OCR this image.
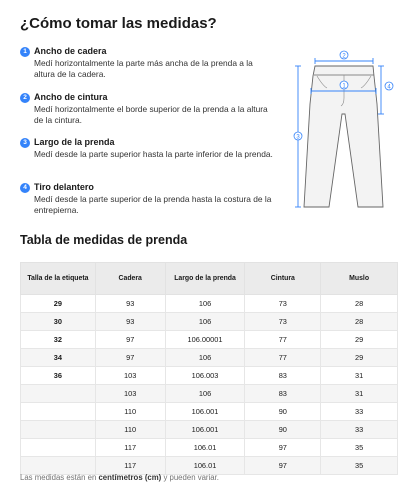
¿Cómo tomar las medidas?
1 Ancho de cadera
Medí horizontalmente la parte más ancha de la prenda a la altura de la cadera.
2 Ancho de cintura
Medí horizontalmente el borde superior de la prenda a la altura de la cintura.
3 Largo de la prenda
Medí desde la parte superior hasta la parte inferior de la prenda.
4 Tiro delantero
Medí desde la parte superior de la prenda hasta la costura de la entrepierna.
2
1	4
3
Tabla de medidas de prenda
Talla de la etiqueta	Cadera	Largo de la prenda	Cintura	Muslo
29	93	106	73	28
30	93	106	73	28
32	97	106.00001	77	29
34	97	106	77	29
36	103	106.003	83	31
	103	106	83	31
	110	106.001	90	33
	110	106.001	90	33
	117	106.01	97	35
	117	106.01	97	35
Las medidas están en centímetros (cm) y pueden variar.
